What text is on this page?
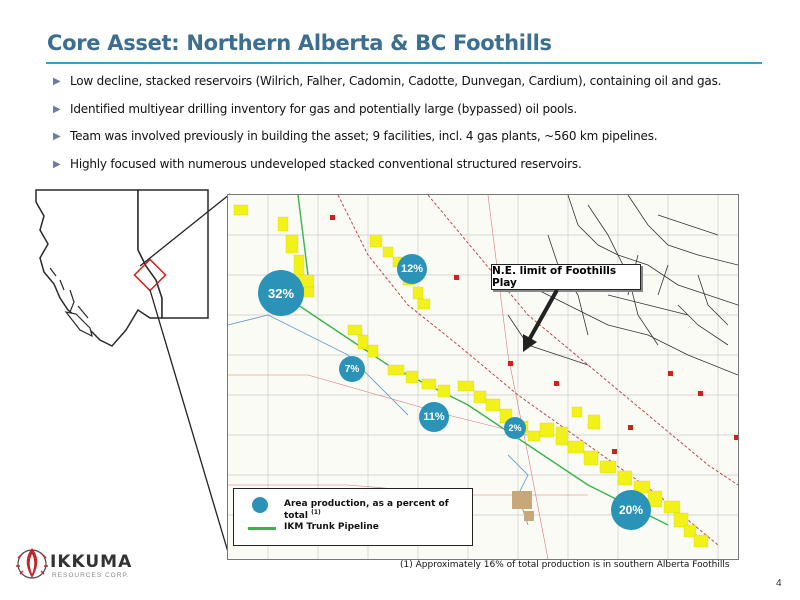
Core Asset: Northern Alberta & BC Foothills
▶ Low decline, stacked reservoirs (Wilrich, Falher, Cadomin, Cadotte, Dunvegan, Cardium), containing oil and gas.
▶ Identified multiyear drilling inventory for gas and potentially large (bypassed) oil pools.
▶ Team was involved previously in building the asset; 9 facilities, incl. 4 gas plants, ~560 km pipelines.
▶ Highly focused with numerous undeveloped stacked conventional structured reservoirs.
32%
12%
7%
11%
2%
20%
N.E. limit of Foothills Play
Area production, as a percent of total $^{(1)}$
IKM Trunk Pipeline
(1) Approximately 16% of total production is in southern Alberta Foothills
4
IKKUMA
RESOURCES CORP.
